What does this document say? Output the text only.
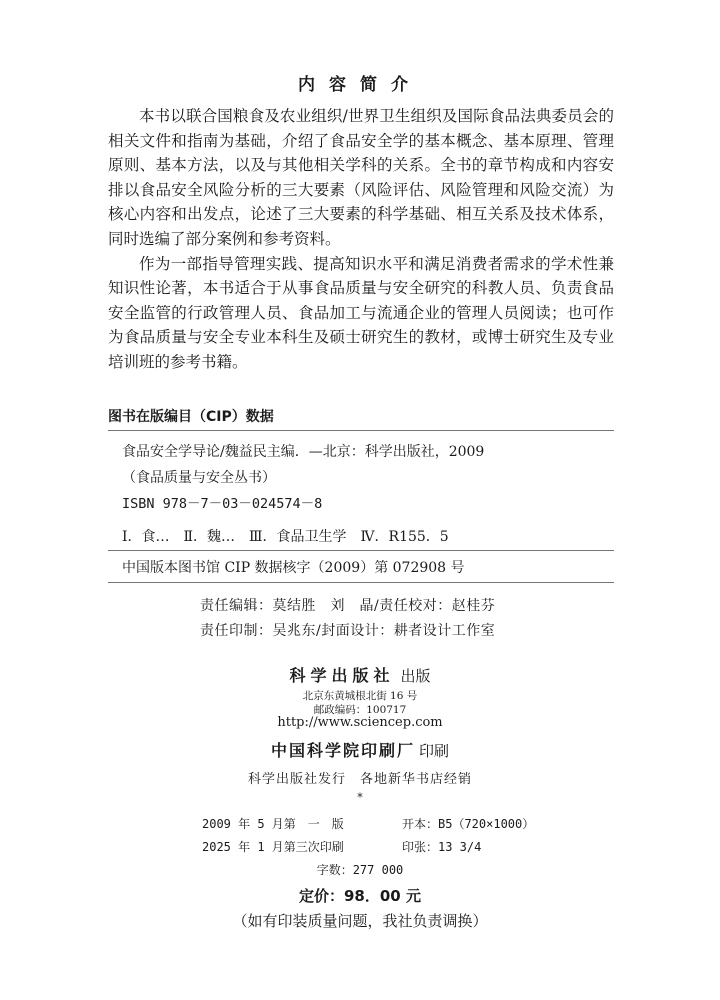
内容简介

本书以联合国粮食及农业组织/世界卫生组织及国际食品法典委员会的相关文件和指南为基础，介绍了食品安全学的基本概念、基本原理、管理原则、基本方法，以及与其他相关学科的关系。全书的章节构成和内容安排以食品安全风险分析的三大要素（风险评估、风险管理和风险交流）为核心内容和出发点，论述了三大要素的科学基础、相互关系及技术体系，同时选编了部分案例和参考资料。

作为一部指导管理实践、提高知识水平和满足消费者需求的学术性兼知识性论著，本书适合于从事食品质量与安全研究的科教人员、负责食品安全监管的行政管理人员、食品加工与流通企业的管理人员阅读；也可作为食品质量与安全专业本科生及硕士研究生的教材，或博士研究生及专业培训班的参考书籍。

图书在版编目（CIP）数据
食品安全学导论/魏益民主编．—北京：科学出版社，2009
（食品质量与安全丛书）
ISBN 978－7－03－024574－8
Ⅰ．食…　Ⅱ．魏…　Ⅲ．食品卫生学　Ⅳ．R155．5
中国版本图书馆 CIP 数据核字（2009）第 072908 号
责任编辑：莫结胜　刘　晶/责任校对：赵桂芬
责任印制：吴兆东/封面设计：耕者设计工作室
科学出版社 出版
北京东黄城根北街 16 号
邮政编码：100717
http://www.sciencep.com
中国科学院印刷厂 印刷
科学出版社发行　各地新华书店经销
*
2009 年 5 月第　一　版	开本：B5（720×1000）
2025 年 1 月第三次印刷	印张：13 3/4
字数：277 000
定价：98．00 元
（如有印装质量问题，我社负责调换）
